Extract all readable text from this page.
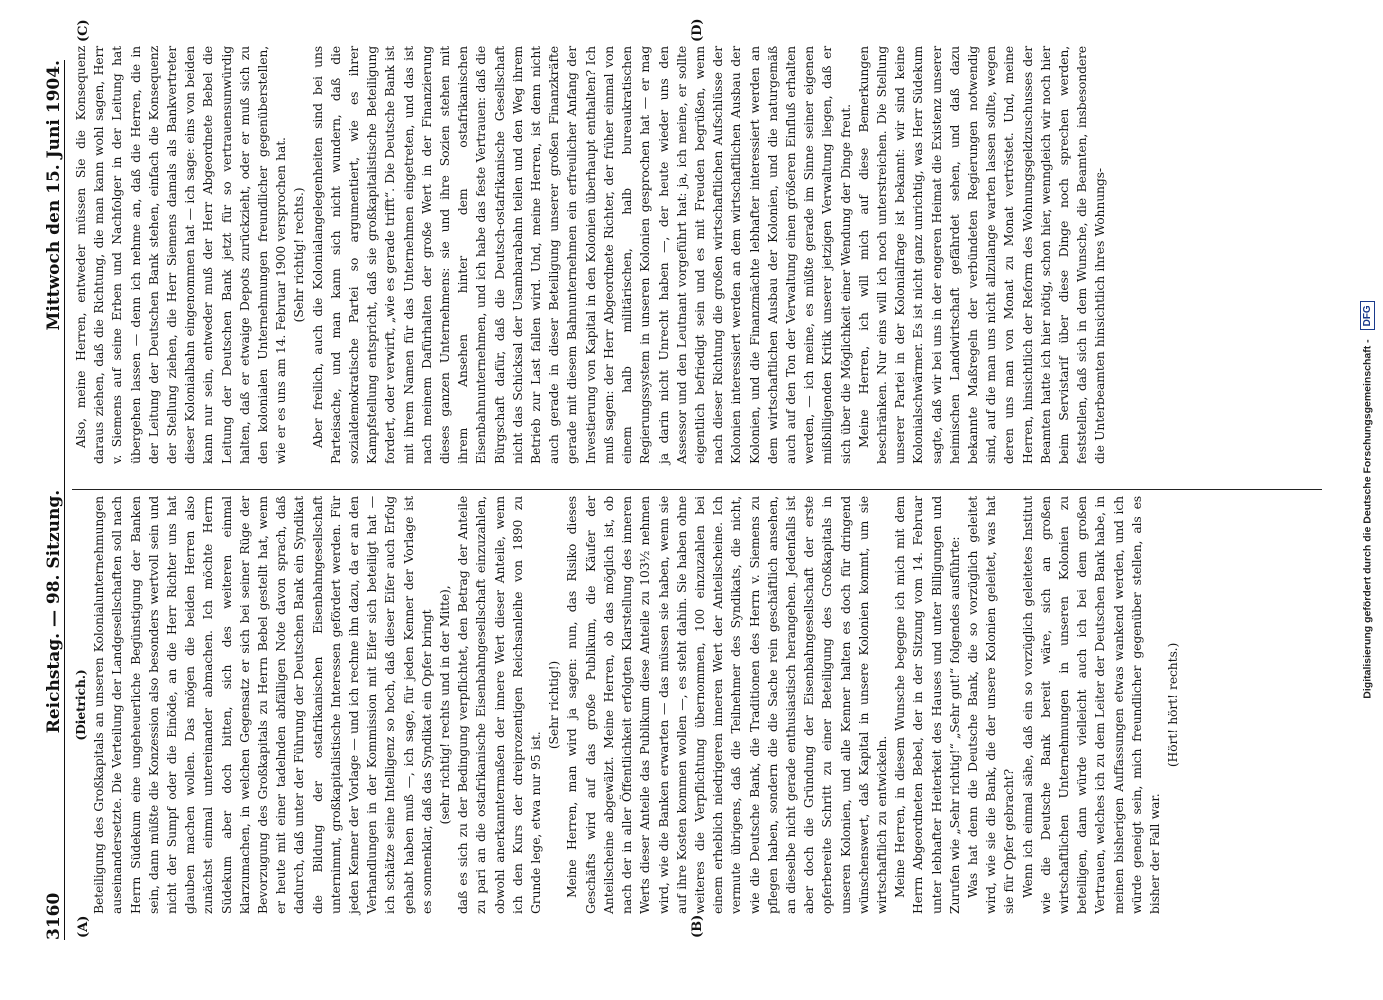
3160
Reichstag. — 98. Sitzung.
Mittwoch den 15. Juni 1904.
(A)	(B)
(C)	(D)

(Dietrich.) Beteiligung des Großkapitals an unseren Kolonialunternehmungen auseinandersetzte. Die Verteilung der Landgesellschaften soll nach Herrn Südekum eine ungeheuerliche Begünstigung der Banken sein, dann müßte die Konzession also besonders wertvoll sein und nicht der Sumpf oder die Einöde, an die Herr Richter uns hat glauben machen wollen. Das mögen die beiden Herren also zunächst einmal untereinander abmachen. Ich möchte Herrn Südekum aber doch bitten, sich des weiteren einmal klarzumachen, in welchen Gegensatz er sich bei seiner Rüge der Bevorzugung des Großkapitals zu Herrn Bebel gestellt hat, wenn er heute mit einer tadelnden abfälligen Note davon sprach, daß dadurch, daß unter der Führung der Deutschen Bank ein Syndikat die Bildung der ostafrikanischen Eisenbahngesellschaft unternimmt, großkapitalistische Interessen gefördert werden. Für jeden Kenner der Vorlage — und ich rechne ihn dazu, da er an den Verhandlungen in der Kommission mit Eifer sich beteiligt hat — ich schätze seine Intelligenz so hoch, daß dieser Eifer auch Erfolg gehabt haben muß —, ich sage, für jeden Kenner der Vorlage ist es sonnenklar, daß das Syndikat ein Opfer bringt (sehr richtig! rechts und in der Mitte), daß es sich zu der Bedingung verpflichtet, den Betrag der Anteile zu pari an die ostafrikanische Eisenbahngesellschaft einzuzahlen, obwohl anerkanntermaßen der innere Wert dieser Anteile, wenn ich den Kurs der dreiprozentigen Reichsanleihe von 1890 zu Grunde lege, etwa nur 95 ist.

(Sehr richtig!) Meine Herren, man wird ja sagen: nun, das Risiko dieses Geschäfts wird auf das große Publikum, die Käufer der Anteilscheine abgewälzt. Meine Herren, ob das möglich ist, ob nach der in aller Öffentlichkeit erfolgten Klarstellung des inneren Werts dieser Anteile das Publikum diese Anteile zu 103½ nehmen wird, wie die Banken erwarten — das müssen sie haben, wenn sie auf ihre Kosten kommen wollen —, es steht dahin. Sie haben ohne weiteres die Verpflichtung übernommen, 100 einzuzahlen bei einem erheblich niedrigeren inneren Wert der Anteilscheine. Ich vermute übrigens, daß die Teilnehmer des Syndikats, die nicht, wie die Deutsche Bank, die Traditionen des Herrn v. Siemens zu pflegen haben, sondern die die Sache rein geschäftlich ansehen, an dieselbe nicht gerade enthusiastisch herangehen. Jedenfalls ist aber doch die Gründung der Eisenbahngesellschaft der erste opferbereite Schritt zu einer Beteiligung des Großkapitals in unseren Kolonien, und alle Kenner halten es doch für dringend wünschenswert, daß Kapital in unsere Kolonien kommt, um sie wirtschaftlich zu entwickeln. Meine Herren, in diesem Wunsche begegne ich mich mit dem Herrn Abgeordneten Bebel, der in der Sitzung vom 14. Februar unter lebhafter Heiterkeit des Hauses und unter Billigungen und Zurufen wie „Sehr richtig!“ „Sehr gut!“ folgendes ausführte: Was hat denn die Deutsche Bank, die so vorzüglich geleitet wird, wie sie die Bank, die der unsere Kolonien geleitet, was hat sie für Opfer gebracht? Wenn ich einmal sähe, daß ein so vorzüglich geleitetes Institut wie die Deutsche Bank bereit wäre, sich an großen wirtschaftlichen Unternehmungen in unseren Kolonien zu beteiligen, dann würde vielleicht auch ich bei dem großen Vertrauen, welches ich zu dem Leiter der Deutschen Bank habe, in meinen bisherigen Auffassungen etwas wankend werden, und ich würde geneigt sein, mich freundlicher gegenüber stellen, als es bisher der Fall war.

(Hört! hört! rechts.)

Also, meine Herren, entweder müssen Sie die Konsequenz daraus ziehen, daß die Richtung, die man kann wohl sagen, Herr v. Siemens auf seine Erben und Nachfolger in der Leitung hat übergehen lassen — denn ich nehme an, daß die Herren, die in der Leitung der Deutschen Bank stehen, einfach die Konsequenz der Stellung ziehen, die Herr Siemens damals als Bankvertreter dieser Kolonialbahn eingenommen hat — ich sage: eins von beiden kann nur sein, entweder muß der Herr Abgeordnete Bebel die Leitung der Deutschen Bank jetzt für so vertrauensunwürdig halten, daß er etwaige Depots zurückzieht, oder er muß sich zu den kolonialen Unternehmungen freundlicher gegenüberstellen, wie er es uns am 14. Februar 1900 versprochen hat. (Sehr richtig! rechts.) Aber freilich, auch die Kolonialangelegenheiten sind bei uns Parteisache, und man kann sich nicht wundern, daß die sozialdemokratische Partei so argumentiert, wie es ihrer Kampfstellung entspricht, daß sie großkapitalistische Beteiligung fordert, oder verwirft, „wie es gerade trifft“. Die Deutsche Bank ist mit ihrem Namen für das Unternehmen eingetreten, und das ist nach meinem Dafürhalten der große Wert in der Finanzierung dieses ganzen Unternehmens: sie und ihre Sozien stehen mit ihrem Ansehen hinter dem ostafrikanischen Eisenbahnunternehmen, und ich habe das feste Vertrauen: daß die Bürgschaft dafür, daß die Deutsch-ostafrikanische Gesellschaft nicht das Schicksal der Usambarabahn teilen und den Weg ihrem Betrieb zur Last fallen wird. Und, meine Herren, ist denn nicht auch gerade in dieser Beteiligung unserer großen Finanzkräfte gerade mit diesem Bahnunternehmen ein erfreulicher Anfang der Investierung von Kapital in den Kolonien überhaupt enthalten? Ich muß sagen: der Herr Abgeordnete Richter, der früher einmal von einem halb militärischen, halb bureaukratischen Regierungssystem in unseren Kolonien gesprochen hat — er mag ja darin nicht Unrecht haben —, der heute wieder uns den Assessor und den Leutnant vorgeführt hat: ja, ich meine, er sollte eigentlich befriedigt sein und es mit Freuden begrüßen, wenn nach dieser Richtung die großen wirtschaftlichen Aufschlüsse der Kolonien interessiert werden an dem wirtschaftlichen Ausbau der Kolonien, und die Finanzmächte lebhafter interessiert werden an dem wirtschaftlichen Ausbau der Kolonien, und die naturgemäß auch auf den Ton der Verwaltung einen größeren Einfluß erhalten werden, — ich meine, es müßte gerade im Sinne seiner eigenen mißbilligenden Kritik unserer jetzigen Verwaltung liegen, daß er sich über die Möglichkeit einer Wendung der Dinge freut. Meine Herren, ich will mich auf diese Bemerkungen beschränken. Nur eins will ich noch unterstreichen. Die Stellung unserer Partei in der Kolonialfrage ist bekannt: wir sind keine Kolonialschwärmer. Es ist nicht ganz unrichtig, was Herr Südekum sagte, daß wir bei uns in der engeren Heimat die Existenz unserer heimischen Landwirtschaft gefährdet sehen, und daß dazu bekannte Maßregeln der verbündeten Regierungen notwendig sind, auf die man uns nicht allzulange warten lassen sollte, wegen deren uns man von Monat zu Monat vertröstet. Und, meine Herren, hinsichtlich der Reform des Wohnungsgeldzuschusses der Beamten hatte ich hier nötig, schon hier, wenngleich wir noch hier beim Servistarif über diese Dinge noch sprechen werden, feststellen, daß sich in dem Wunsche, die Beamten, insbesondere die Unterbeamten hinsichtlich ihres Wohnungs-

Digitalisierung gefördert durch die Deutsche Forschungsgemeinschaft - DFG
